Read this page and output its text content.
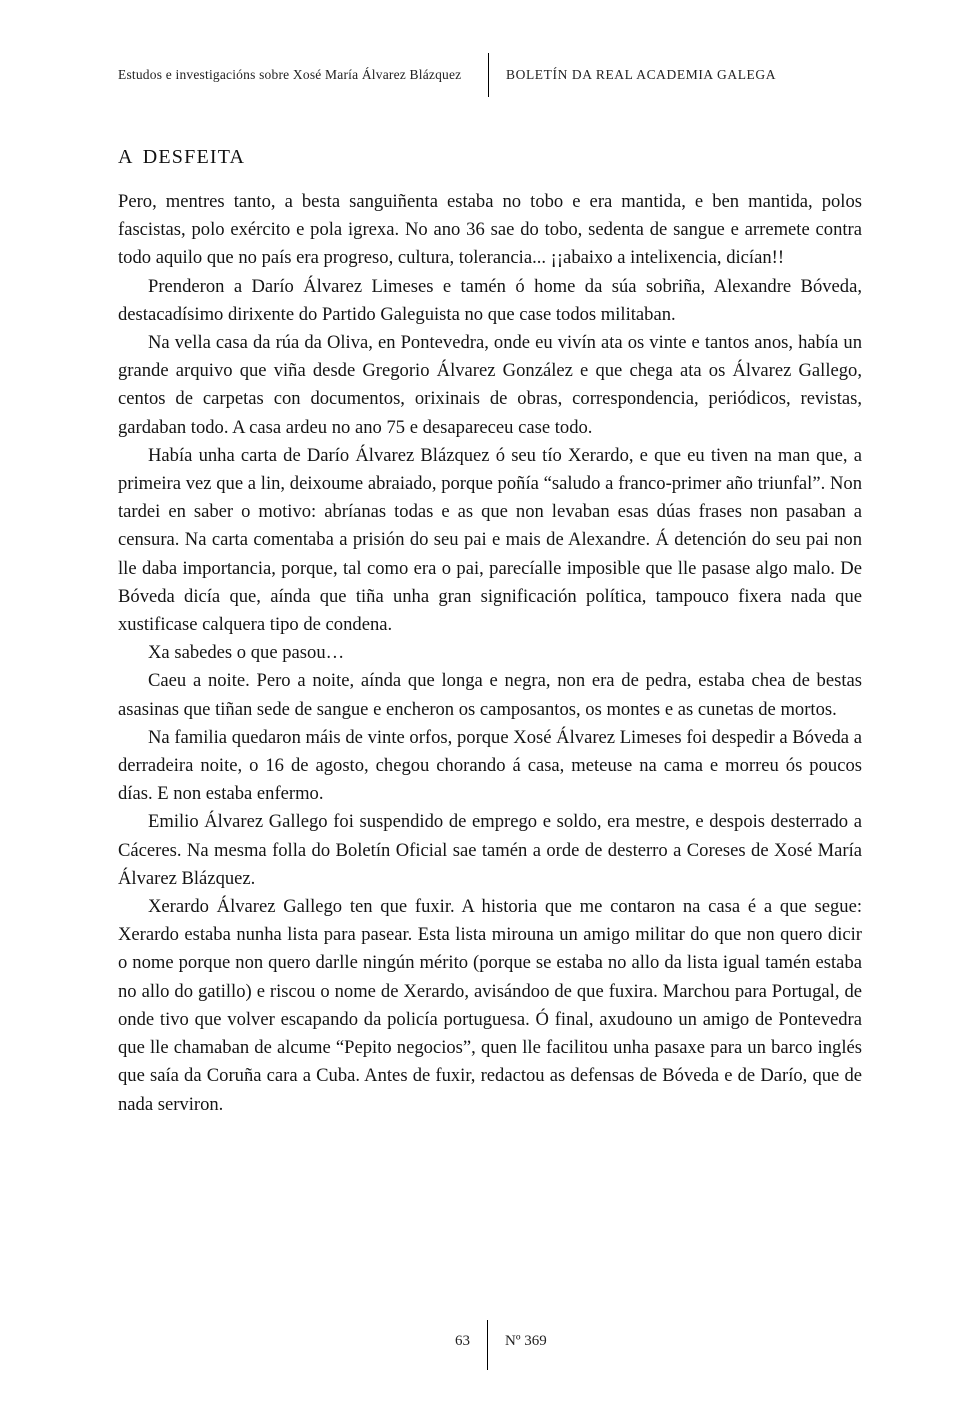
Estudos e investigacións sobre Xosé María Álvarez Blázquez	BOLETÍN DA REAL ACADEMIA GALEGA
A DESFEITA

Pero, mentres tanto, a besta sanguiñenta estaba no tobo e era mantida, e ben mantida, polos fascistas, polo exército e pola igrexa. No ano 36 sae do tobo, sedenta de sangue e arremete contra todo aquilo que no país era progreso, cultura, tolerancia... ¡¡abaixo a intelixencia, dicían!!

Prenderon a Darío Álvarez Limeses e tamén ó home da súa sobriña, Alexandre Bóveda, destacadísimo dirixente do Partido Galeguista no que case todos militaban.

Na vella casa da rúa da Oliva, en Pontevedra, onde eu vivín ata os vinte e tantos anos, había un grande arquivo que viña desde Gregorio Álvarez González e que chega ata os Álvarez Gallego, centos de carpetas con documentos, orixinais de obras, correspondencia, periódicos, revistas, gardaban todo. A casa ardeu no ano 75 e desapareceu case todo.

Había unha carta de Darío Álvarez Blázquez ó seu tío Xerardo, e que eu tiven na man que, a primeira vez que a lin, deixoume abraiado, porque poñía “saludo a franco-primer año triunfal”. Non tardei en saber o motivo: abríanas todas e as que non levaban esas dúas frases non pasaban a censura. Na carta comentaba a prisión do seu pai e mais de Alexandre. Á detención do seu pai non lle daba importancia, porque, tal como era o pai, parecíalle imposible que lle pasase algo malo. De Bóveda dicía que, aínda que tiña unha gran significación política, tampouco fixera nada que xustificase calquera tipo de condena.

Xa sabedes o que pasou…

Caeu a noite. Pero a noite, aínda que longa e negra, non era de pedra, estaba chea de bestas asasinas que tiñan sede de sangue e encheron os camposantos, os montes e as cunetas de mortos.

Na familia quedaron máis de vinte orfos, porque Xosé Álvarez Limeses foi despedir a Bóveda a derradeira noite, o 16 de agosto, chegou chorando á casa, meteuse na cama e morreu ós poucos días. E non estaba enfermo.

Emilio Álvarez Gallego foi suspendido de emprego e soldo, era mestre, e despois desterrado a Cáceres. Na mesma folla do Boletín Oficial sae tamén a orde de desterro a Coreses de Xosé María Álvarez Blázquez.

Xerardo Álvarez Gallego ten que fuxir. A historia que me contaron na casa é a que segue: Xerardo estaba nunha lista para pasear. Esta lista mirouna un amigo militar do que non quero dicir o nome porque non quero darlle ningún mérito (porque se estaba no allo da lista igual tamén estaba no allo do gatillo) e riscou o nome de Xerardo, avisándoo de que fuxira. Marchou para Portugal, de onde tivo que volver escapando da policía portuguesa. Ó final, axudouno un amigo de Pontevedra que lle chamaban de alcume “Pepito negocios”, quen lle facilitou unha pasaxe para un barco inglés que saía da Coruña cara a Cuba. Antes de fuxir, redactou as defensas de Bóveda e de Darío, que de nada serviron.

63 Nº 369
